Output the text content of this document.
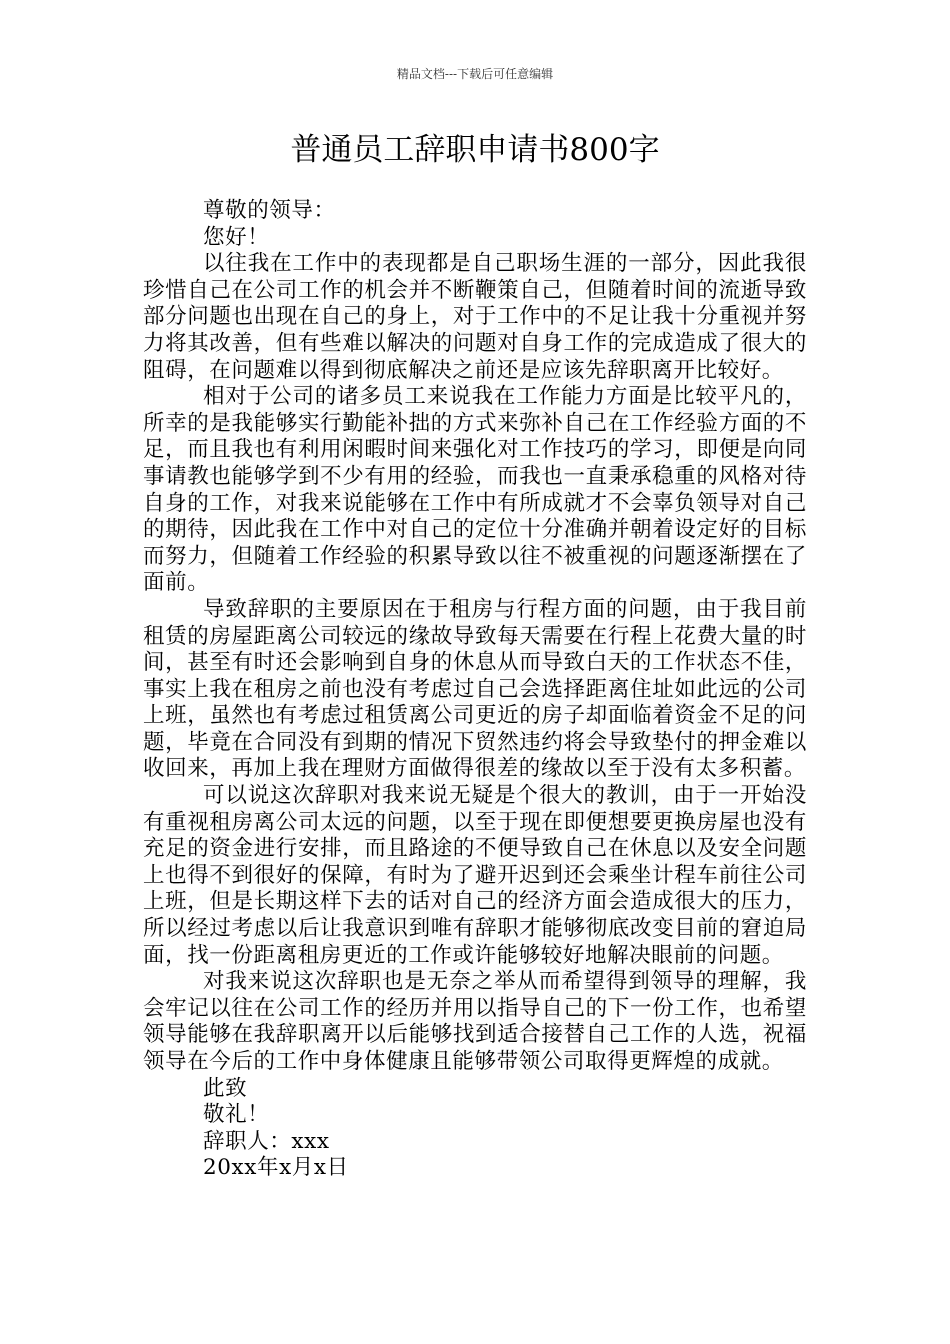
精品文档---下载后可任意编辑
普通员工辞职申请书800字

尊敬的领导：

您好！

以往我在工作中的表现都是自己职场生涯的一部分，因此我很珍惜自己在公司工作的机会并不断鞭策自己，但随着时间的流逝导致部分问题也出现在自己的身上，对于工作中的不足让我十分重视并努力将其改善，但有些难以解决的问题对自身工作的完成造成了很大的阻碍，在问题难以得到彻底解决之前还是应该先辞职离开比较好。

相对于公司的诸多员工来说我在工作能力方面是比较平凡的，所幸的是我能够实行勤能补拙的方式来弥补自己在工作经验方面的不足，而且我也有利用闲暇时间来强化对工作技巧的学习，即便是向同事请教也能够学到不少有用的经验，而我也一直秉承稳重的风格对待自身的工作，对我来说能够在工作中有所成就才不会辜负领导对自己的期待，因此我在工作中对自己的定位十分准确并朝着设定好的目标而努力，但随着工作经验的积累导致以往不被重视的问题逐渐摆在了面前。

导致辞职的主要原因在于租房与行程方面的问题，由于我目前租赁的房屋距离公司较远的缘故导致每天需要在行程上花费大量的时间，甚至有时还会影响到自身的休息从而导致白天的工作状态不佳，事实上我在租房之前也没有考虑过自己会选择距离住址如此远的公司上班，虽然也有考虑过租赁离公司更近的房子却面临着资金不足的问题，毕竟在合同没有到期的情况下贸然违约将会导致垫付的押金难以收回来，再加上我在理财方面做得很差的缘故以至于没有太多积蓄。

可以说这次辞职对我来说无疑是个很大的教训，由于一开始没有重视租房离公司太远的问题，以至于现在即便想要更换房屋也没有充足的资金进行安排，而且路途的不便导致自己在休息以及安全问题上也得不到很好的保障，有时为了避开迟到还会乘坐计程车前往公司上班，但是长期这样下去的话对自己的经济方面会造成很大的压力，所以经过考虑以后让我意识到唯有辞职才能够彻底改变目前的窘迫局面，找一份距离租房更近的工作或许能够较好地解决眼前的问题。

对我来说这次辞职也是无奈之举从而希望得到领导的理解，我会牢记以往在公司工作的经历并用以指导自己的下一份工作，也希望领导能够在我辞职离开以后能够找到适合接替自己工作的人选，祝福领导在今后的工作中身体健康且能够带领公司取得更辉煌的成就。

此致

敬礼！

辞职人：xxx

20xx年x月x日
